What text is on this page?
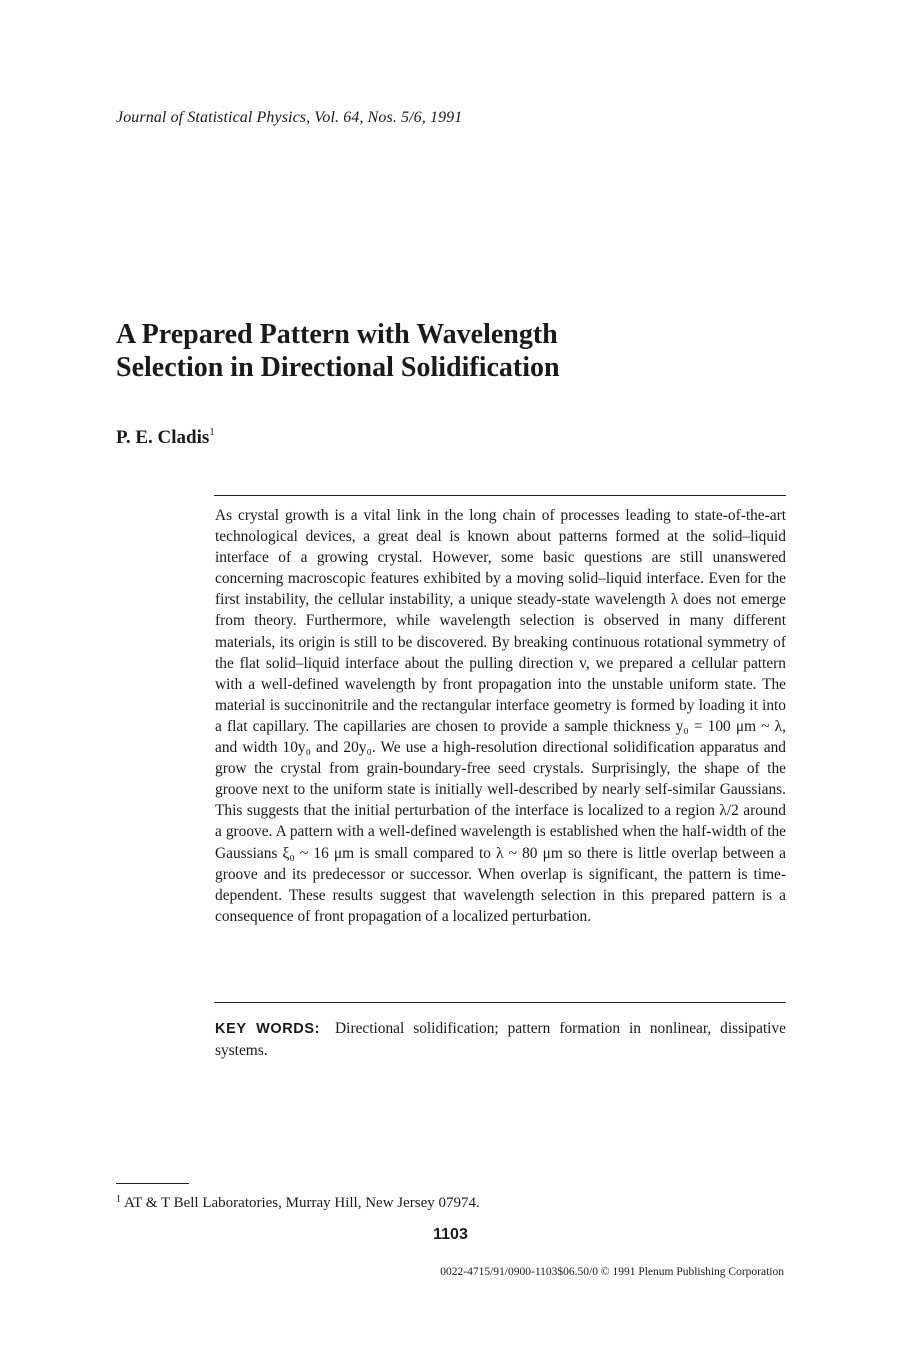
Journal of Statistical Physics, Vol. 64, Nos. 5/6, 1991
A Prepared Pattern with Wavelength
Selection in Directional Solidification
P. E. Cladis$^1$

As crystal growth is a vital link in the long chain of processes leading to state-of-the-art technological devices, a great deal is known about patterns formed at the solid–liquid interface of a growing crystal. However, some basic questions are still unanswered concerning macroscopic features exhibited by a moving solid–liquid interface. Even for the first instability, the cellular instability, a unique steady-state wavelength λ does not emerge from theory. Furthermore, while wavelength selection is observed in many different materials, its origin is still to be discovered. By breaking continuous rotational symmetry of the flat solid–liquid interface about the pulling direction v, we prepared a cellular pattern with a well-defined wavelength by front propagation into the unstable uniform state. The material is succinonitrile and the rectangular interface geometry is formed by loading it into a flat capillary. The capillaries are chosen to provide a sample thickness y₀ = 100 μm ~ λ, and width 10y₀ and 20y₀. We use a high-resolution directional solidification apparatus and grow the crystal from grain-boundary-free seed crystals. Surprisingly, the shape of the groove next to the uniform state is initially well-described by nearly self-similar Gaussians. This suggests that the initial perturbation of the interface is localized to a region λ/2 around a groove. A pattern with a well-defined wavelength is established when the half-width of the Gaussians ξ₀ ~ 16 μm is small compared to λ ~ 80 μm so there is little overlap between a groove and its predecessor or successor. When overlap is significant, the pattern is time-dependent. These results suggest that wavelength selection in this prepared pattern is a consequence of front propagation of a localized perturbation.

KEY WORDS: Directional solidification; pattern formation in nonlinear, dissipative systems.

$^1$ AT & T Bell Laboratories, Murray Hill, New Jersey 07974.
1103
0022-4715/91/0900-1103$06.50/0 © 1991 Plenum Publishing Corporation
